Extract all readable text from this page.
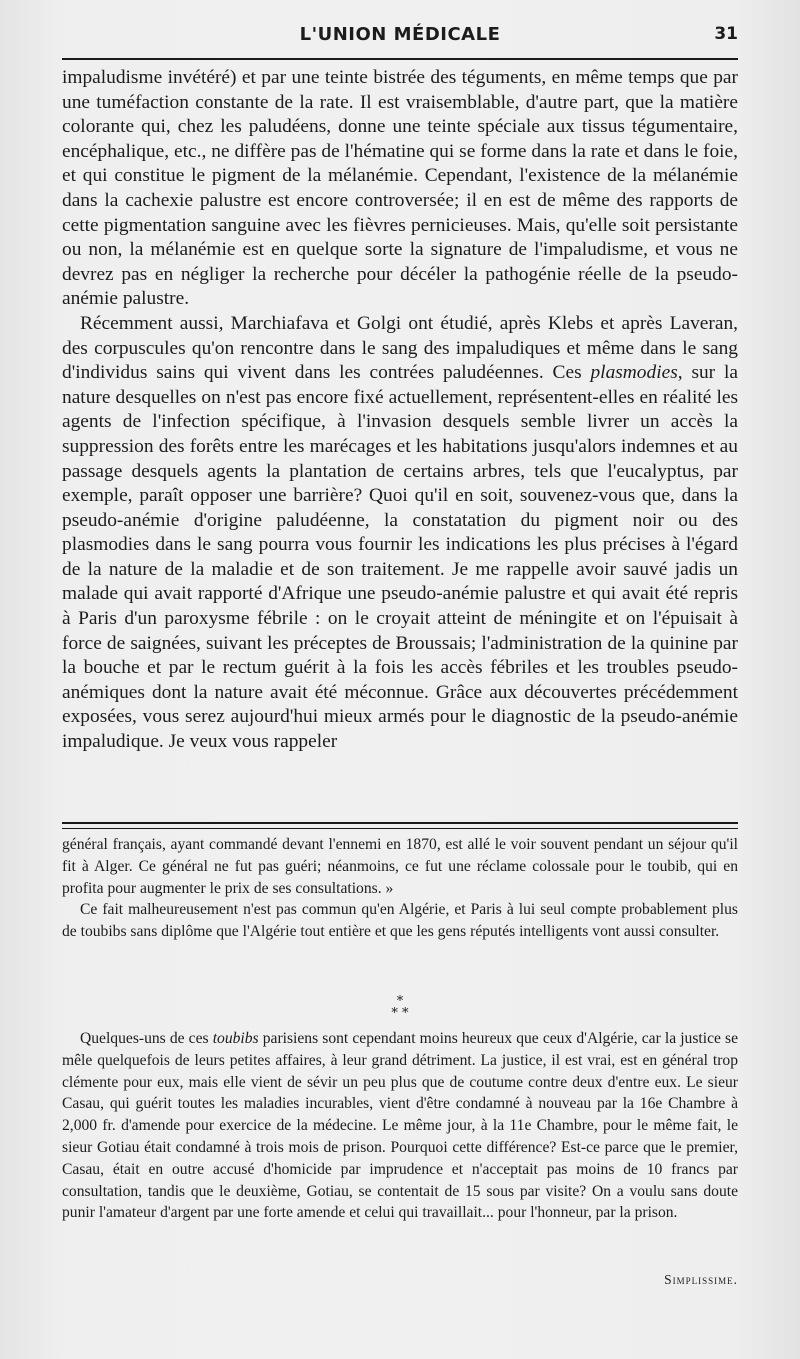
L'UNION MÉDICALE	31

impaludisme invétéré) et par une teinte bistrée des téguments, en même temps que par une tuméfaction constante de la rate. Il est vraisemblable, d'autre part, que la matière colorante qui, chez les paludéens, donne une teinte spéciale aux tissus tégumentaire, encéphalique, etc., ne diffère pas de l'hématine qui se forme dans la rate et dans le foie, et qui constitue le pigment de la mélanémie. Cependant, l'existence de la mélanémie dans la cachexie palustre est encore controversée; il en est de même des rapports de cette pigmentation sanguine avec les fièvres pernicieuses. Mais, qu'elle soit persistante ou non, la mélanémie est en quelque sorte la signature de l'impaludisme, et vous ne devrez pas en négliger la recherche pour décéler la pathogénie réelle de la pseudo-anémie palustre.

Récemment aussi, Marchiafava et Golgi ont étudié, après Klebs et après Laveran, des corpuscules qu'on rencontre dans le sang des impaludiques et même dans le sang d'individus sains qui vivent dans les contrées paludéennes. Ces plasmodies, sur la nature desquelles on n'est pas encore fixé actuellement, représentent-elles en réalité les agents de l'infection spécifique, à l'invasion desquels semble livrer un accès la suppression des forêts entre les marécages et les habitations jusqu'alors indemnes et au passage desquels agents la plantation de certains arbres, tels que l'eucalyptus, par exemple, paraît opposer une barrière? Quoi qu'il en soit, souvenez-vous que, dans la pseudo-anémie d'origine paludéenne, la constatation du pigment noir ou des plasmodies dans le sang pourra vous fournir les indications les plus précises à l'égard de la nature de la maladie et de son traitement. Je me rappelle avoir sauvé jadis un malade qui avait rapporté d'Afrique une pseudo-anémie palustre et qui avait été repris à Paris d'un paroxysme fébrile : on le croyait atteint de méningite et on l'épuisait à force de saignées, suivant les préceptes de Broussais; l'administration de la quinine par la bouche et par le rectum guérit à la fois les accès fébriles et les troubles pseudo-anémiques dont la nature avait été méconnue. Grâce aux découvertes précédemment exposées, vous serez aujourd'hui mieux armés pour le diagnostic de la pseudo-anémie impaludique. Je veux vous rappeler

général français, ayant commandé devant l'ennemi en 1870, est allé le voir souvent pendant un séjour qu'il fit à Alger. Ce général ne fut pas guéri; néanmoins, ce fut une réclame colossale pour le toubib, qui en profita pour augmenter le prix de ses consultations. »

Ce fait malheureusement n'est pas commun qu'en Algérie, et Paris à lui seul compte probablement plus de toubibs sans diplôme que l'Algérie tout entière et que les gens réputés intelligents vont aussi consulter.

*
* *

Quelques-uns de ces toubibs parisiens sont cependant moins heureux que ceux d'Algérie, car la justice se mêle quelquefois de leurs petites affaires, à leur grand détriment. La justice, il est vrai, est en général trop clémente pour eux, mais elle vient de sévir un peu plus que de coutume contre deux d'entre eux. Le sieur Casau, qui guérit toutes les maladies incurables, vient d'être condamné à nouveau par la 16e Chambre à 2,000 fr. d'amende pour exercice de la médecine. Le même jour, à la 11e Chambre, pour le même fait, le sieur Gotiau était condamné à trois mois de prison. Pourquoi cette différence? Est-ce parce que le premier, Casau, était en outre accusé d'homicide par imprudence et n'acceptait pas moins de 10 francs par consultation, tandis que le deuxième, Gotiau, se contentait de 15 sous par visite? On a voulu sans doute punir l'amateur d'argent par une forte amende et celui qui travaillait... pour l'honneur, par la prison.

Simplissime.
